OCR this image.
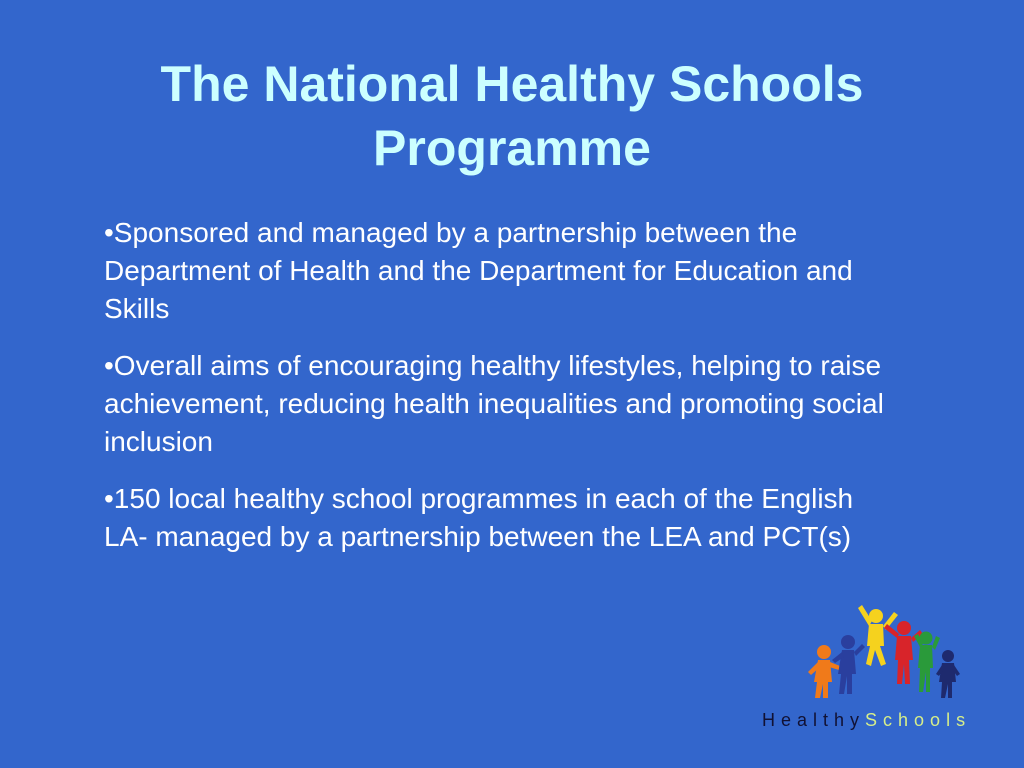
The National Healthy Schools
Programme
•Sponsored and managed by a partnership between the Department of Health and the Department for Education and Skills
•Overall aims of encouraging healthy lifestyles, helping to raise achievement, reducing health inequalities and promoting social inclusion
•150 local healthy school programmes in each of the English LA- managed by a partnership between the LEA and PCT(s)
HealthySchools
